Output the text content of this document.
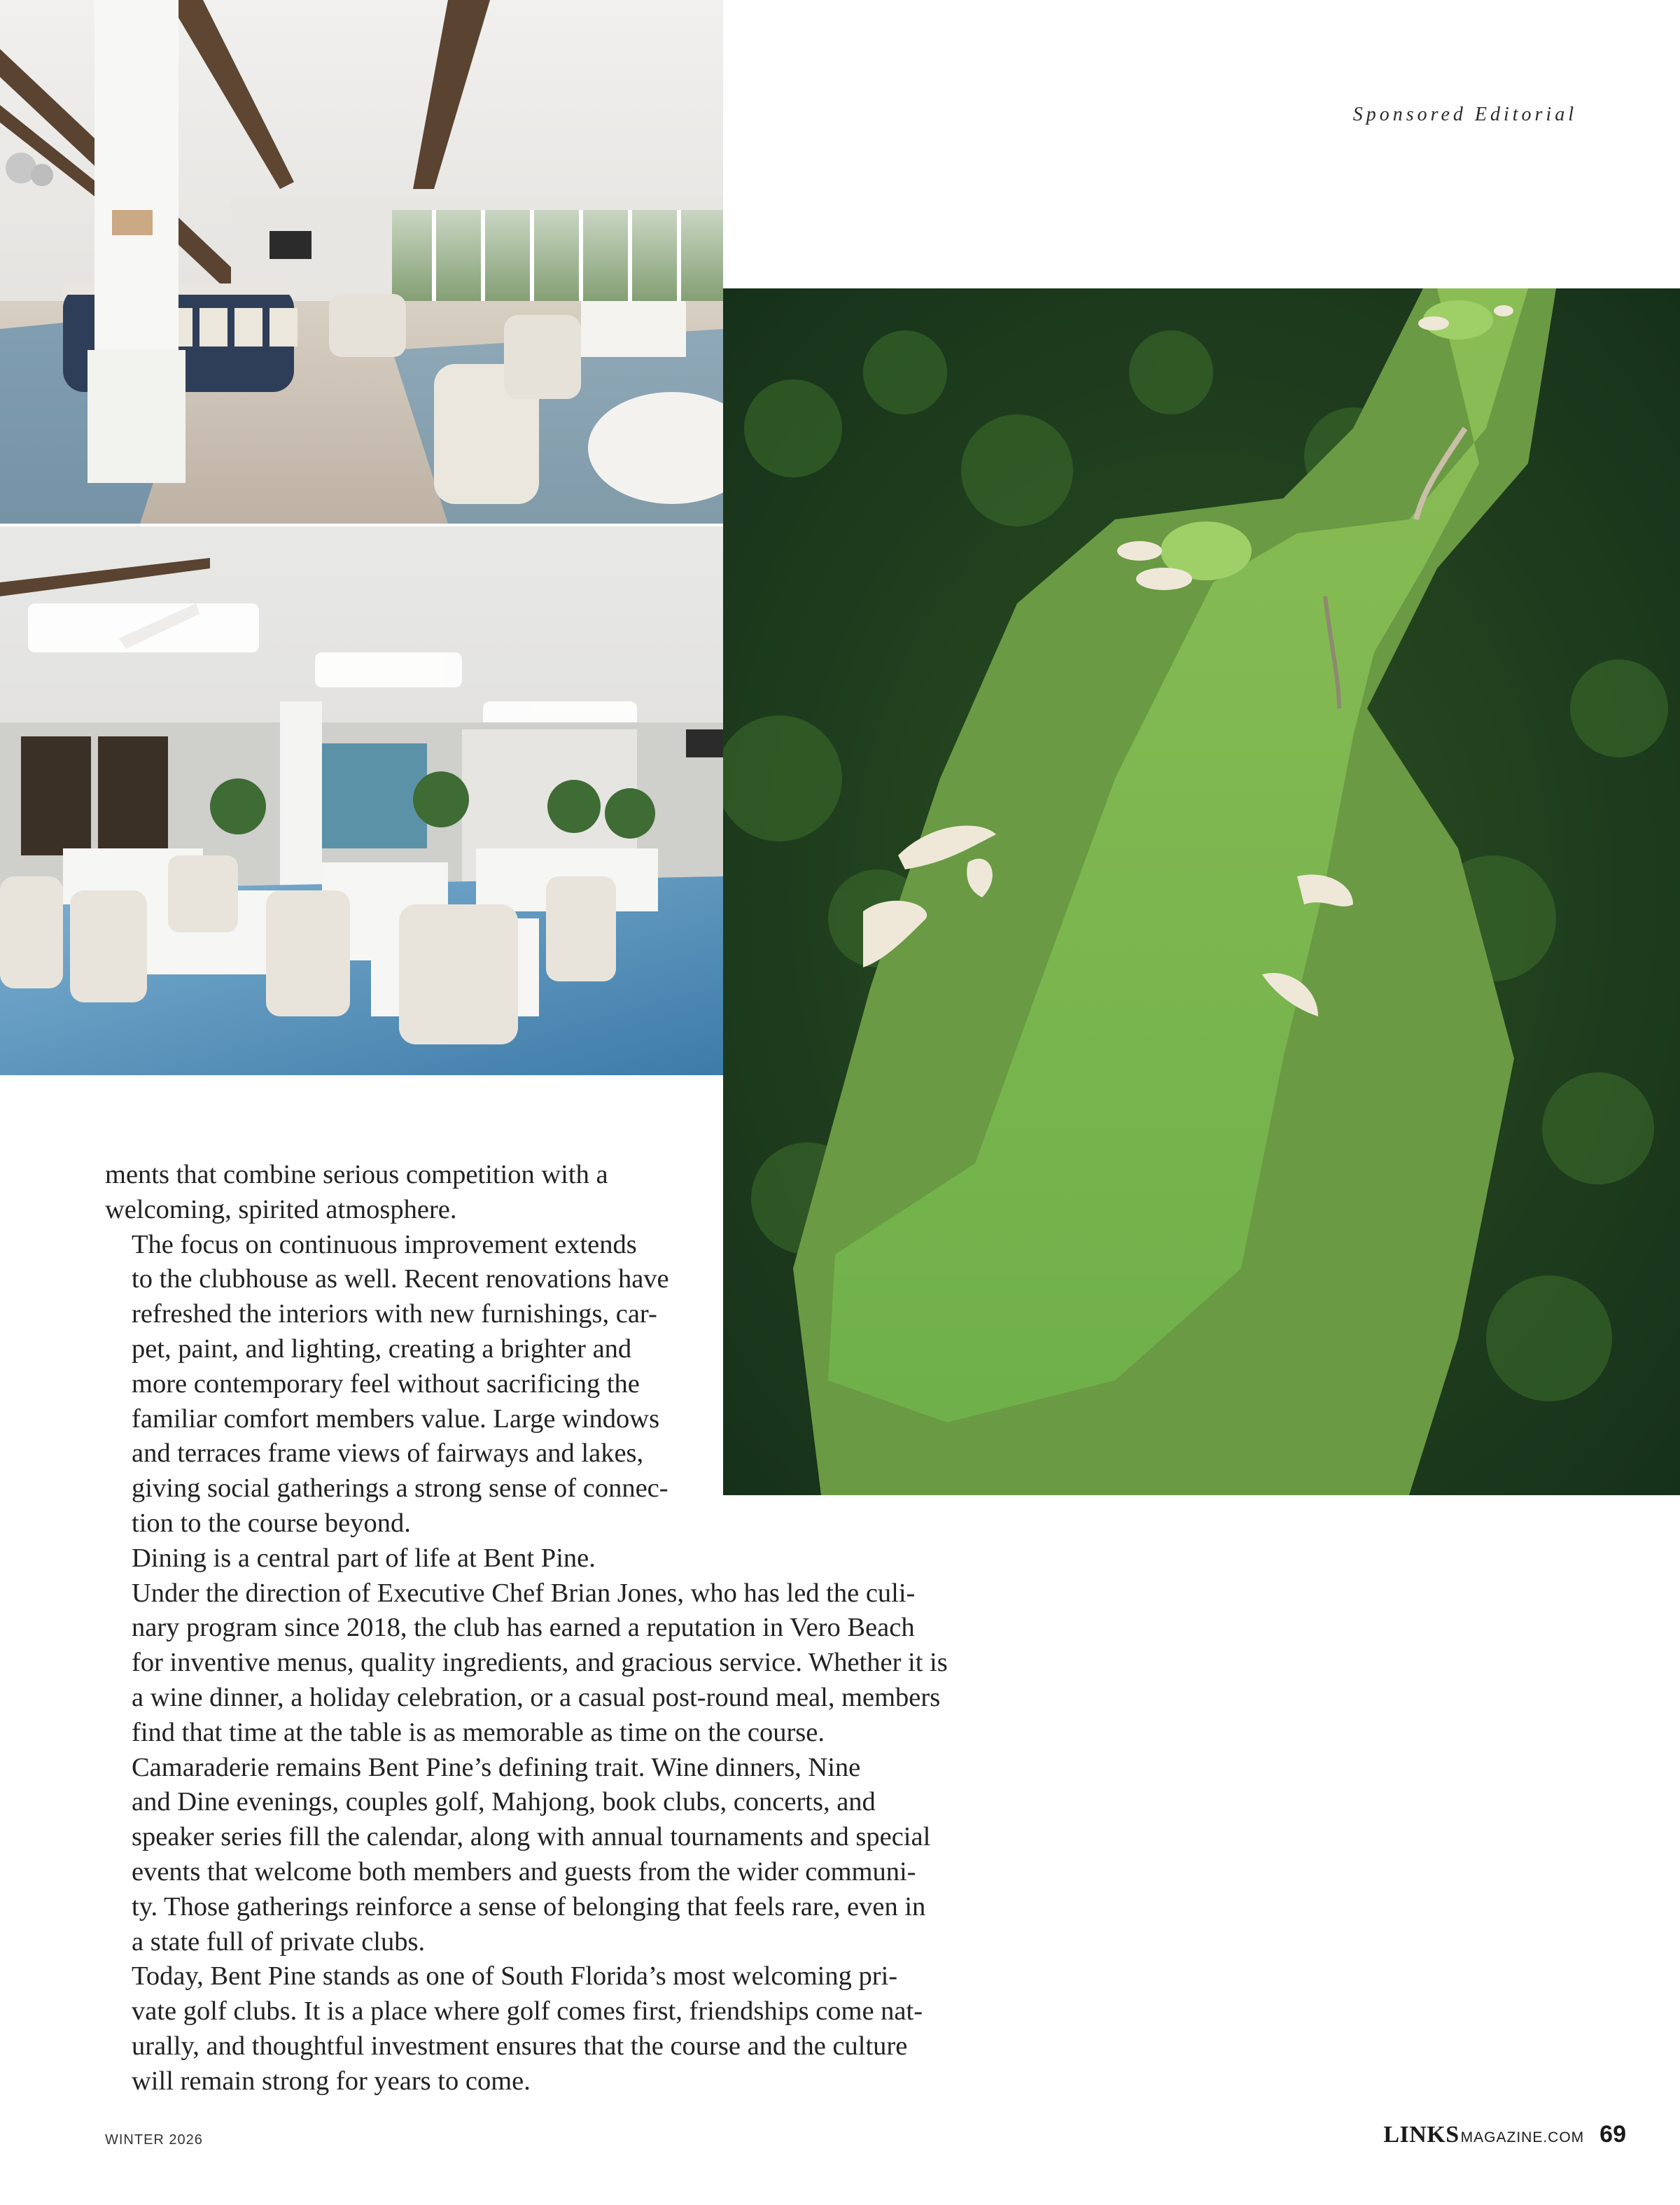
Sponsored Editorial

ments that combine serious competition with a
welcoming, spirited atmosphere.

The focus on continuous improvement extends
to the clubhouse as well. Recent renovations have
refreshed the interiors with new furnishings, car-
pet, paint, and lighting, creating a brighter and
more contemporary feel without sacrificing the
familiar comfort members value. Large windows
and terraces frame views of fairways and lakes,
giving social gatherings a strong sense of connec-
tion to the course beyond.

Dining is a central part of life at Bent Pine.
Under the direction of Executive Chef Brian Jones, who has led the culi-
nary program since 2018, the club has earned a reputation in Vero Beach
for inventive menus, quality ingredients, and gracious service. Whether it is
a wine dinner, a holiday celebration, or a casual post-round meal, members
find that time at the table is as memorable as time on the course.

Camaraderie remains Bent Pine’s defining trait. Wine dinners, Nine
and Dine evenings, couples golf, Mahjong, book clubs, concerts, and
speaker series fill the calendar, along with annual tournaments and special
events that welcome both members and guests from the wider communi-
ty. Those gatherings reinforce a sense of belonging that feels rare, even in
a state full of private clubs.

Today, Bent Pine stands as one of South Florida’s most welcoming pri-
vate golf clubs. It is a place where golf comes first, friendships come nat-
urally, and thoughtful investment ensures that the course and the culture
will remain strong for years to come.

WINTER 2026	LINKS MAGAZINE.COM 69
